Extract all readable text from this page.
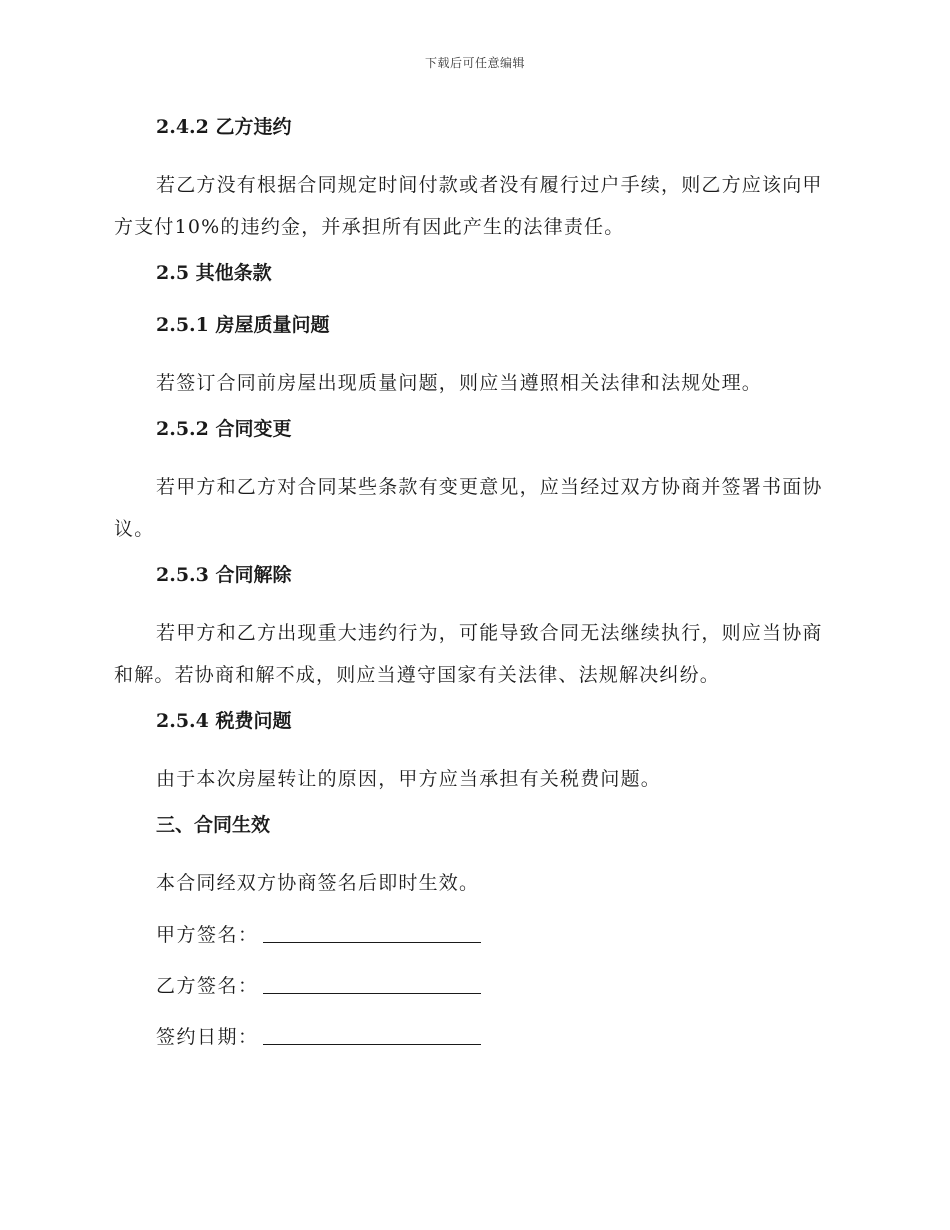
下载后可任意编辑
2.4.2 乙方违约
若乙方没有根据合同规定时间付款或者没有履行过户手续，则乙方应该向甲方支付10%的违约金，并承担所有因此产生的法律责任。
2.5 其他条款
2.5.1 房屋质量问题
若签订合同前房屋出现质量问题，则应当遵照相关法律和法规处理。
2.5.2 合同变更
若甲方和乙方对合同某些条款有变更意见，应当经过双方协商并签署书面协议。
2.5.3 合同解除
若甲方和乙方出现重大违约行为，可能导致合同无法继续执行，则应当协商和解。若协商和解不成，则应当遵守国家有关法律、法规解决纠纷。
2.5.4 税费问题
由于本次房屋转让的原因，甲方应当承担有关税费问题。
三、合同生效
本合同经双方协商签名后即时生效。
甲方签名：
乙方签名：
签约日期：
